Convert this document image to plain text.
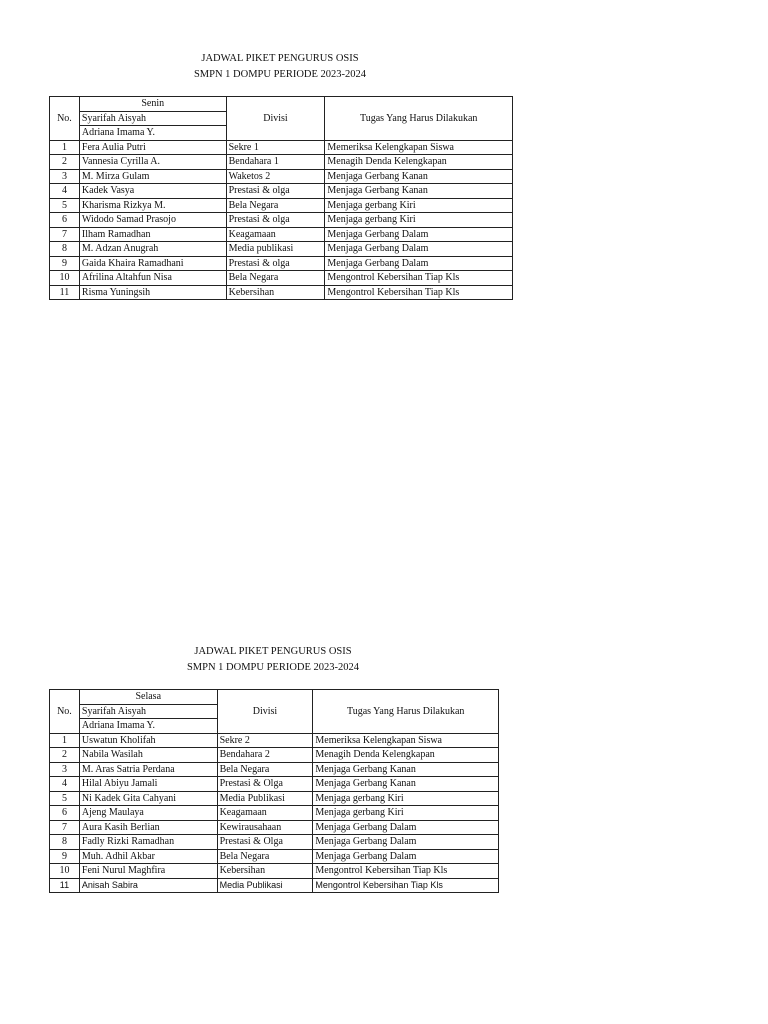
JADWAL PIKET PENGURUS OSIS
SMPN 1 DOMPU PERIODE 2023-2024
No.	Senin	Divisi	Tugas Yang Harus Dilakukan
	Syarifah Aisyah		
	Adriana Imama Y.		
1	Fera Aulia Putri	Sekre 1	Memeriksa Kelengkapan Siswa
2	Vannesia Cyrilla A.	Bendahara 1	Menagih Denda Kelengkapan
3	M. Mirza Gulam	Waketos 2	Menjaga Gerbang Kanan
4	Kadek Vasya	Prestasi & olga	Menjaga Gerbang Kanan
5	Kharisma Rizkya M.	Bela Negara	Menjaga gerbang Kiri
6	Widodo Samad Prasojo	Prestasi & olga	Menjaga gerbang Kiri
7	Ilham Ramadhan	Keagamaan	Menjaga Gerbang Dalam
8	M. Adzan Anugrah	Media publikasi	Menjaga Gerbang Dalam
9	Gaida Khaira Ramadhani	Prestasi & olga	Menjaga Gerbang Dalam
10	Afrilina Altahfun Nisa	Bela Negara	Mengontrol Kebersihan Tiap Kls
11	Risma Yuningsih	Kebersihan	Mengontrol Kebersihan Tiap Kls
JADWAL PIKET PENGURUS OSIS
SMPN 1 DOMPU PERIODE 2023-2024
No.	Selasa	Divisi	Tugas Yang Harus Dilakukan
	Syarifah Aisyah		
	Adriana Imama Y.		
1	Uswatun Kholifah	Sekre 2	Memeriksa Kelengkapan Siswa
2	Nabila Wasilah	Bendahara 2	Menagih Denda Kelengkapan
3	M. Aras Satria Perdana	Bela Negara	Menjaga Gerbang Kanan
4	Hilal Abiyu Jamali	Prestasi & Olga	Menjaga Gerbang Kanan
5	Ni Kadek Gita Cahyani	Media Publikasi	Menjaga gerbang Kiri
6	Ajeng Maulaya	Keagamaan	Menjaga gerbang Kiri
7	Aura Kasih Berlian	Kewirausahaan	Menjaga Gerbang Dalam
8	Fadly Rizki Ramadhan	Prestasi & Olga	Menjaga Gerbang Dalam
9	Muh. Adhil Akbar	Bela Negara	Menjaga Gerbang Dalam
10	Feni Nurul Maghfira	Kebersihan	Mengontrol Kebersihan Tiap Kls
11	Anisah Sabira	Media Publikasi	Mengontrol Kebersihan Tiap Kls
